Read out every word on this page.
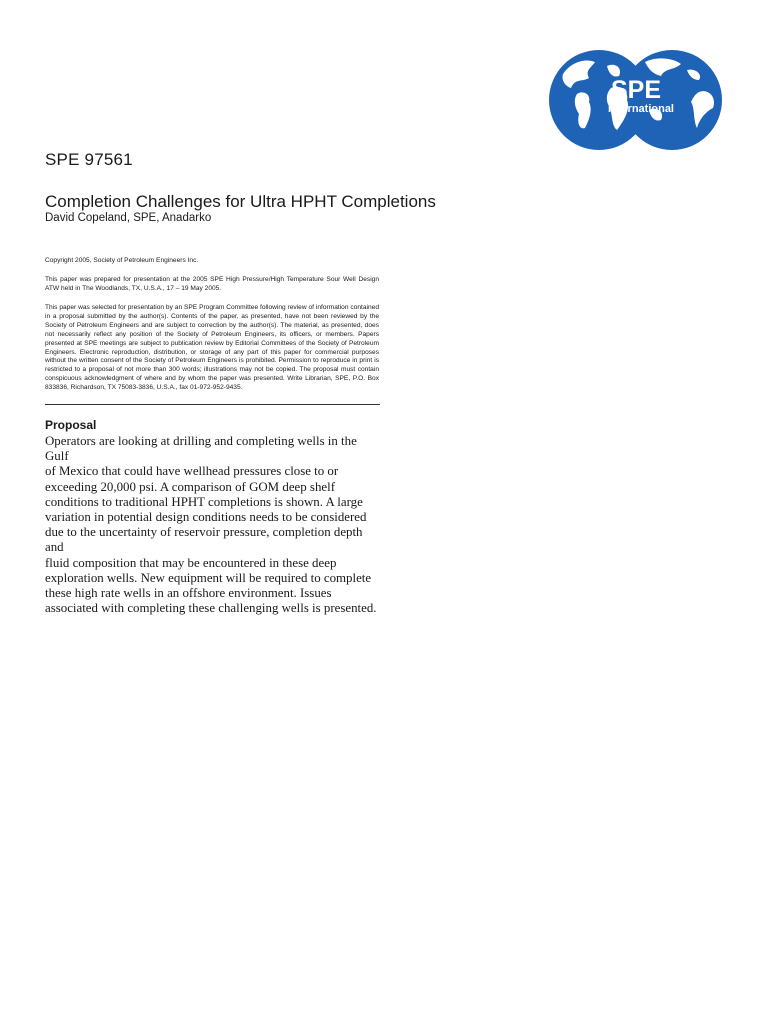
SPE
International
SPE 97561
Completion Challenges for Ultra HPHT Completions

David Copeland, SPE, Anadarko

Copyright 2005, Society of Petroleum Engineers Inc.

This paper was prepared for presentation at the 2005 SPE High Pressure/High Temperature Sour Well Design ATW held in The Woodlands, TX, U.S.A., 17 – 19 May 2005.

This paper was selected for presentation by an SPE Program Committee following review of information contained in a proposal submitted by the author(s). Contents of the paper, as presented, have not been reviewed by the Society of Petroleum Engineers and are subject to correction by the author(s). The material, as presented, does not necessarily reflect any position of the Society of Petroleum Engineers, its officers, or members. Papers presented at SPE meetings are subject to publication review by Editorial Committees of the Society of Petroleum Engineers. Electronic reproduction, distribution, or storage of any part of this paper for commercial purposes without the written consent of the Society of Petroleum Engineers is prohibited. Permission to reproduce in print is restricted to a proposal of not more than 300 words; illustrations may not be copied. The proposal must contain conspicuous acknowledgment of where and by whom the paper was presented. Write Librarian, SPE, P.O. Box 833836, Richardson, TX 75083-3836, U.S.A., fax 01-972-952-9435.

Proposal

Operators are looking at drilling and completing wells in the Gulf
of Mexico that could have wellhead pressures close to or
exceeding 20,000 psi. A comparison of GOM deep shelf
conditions to traditional HPHT completions is shown. A large
variation in potential design conditions needs to be considered
due to the uncertainty of reservoir pressure, completion depth and
fluid composition that may be encountered in these deep
exploration wells. New equipment will be required to complete
these high rate wells in an offshore environment. Issues
associated with completing these challenging wells is presented.
